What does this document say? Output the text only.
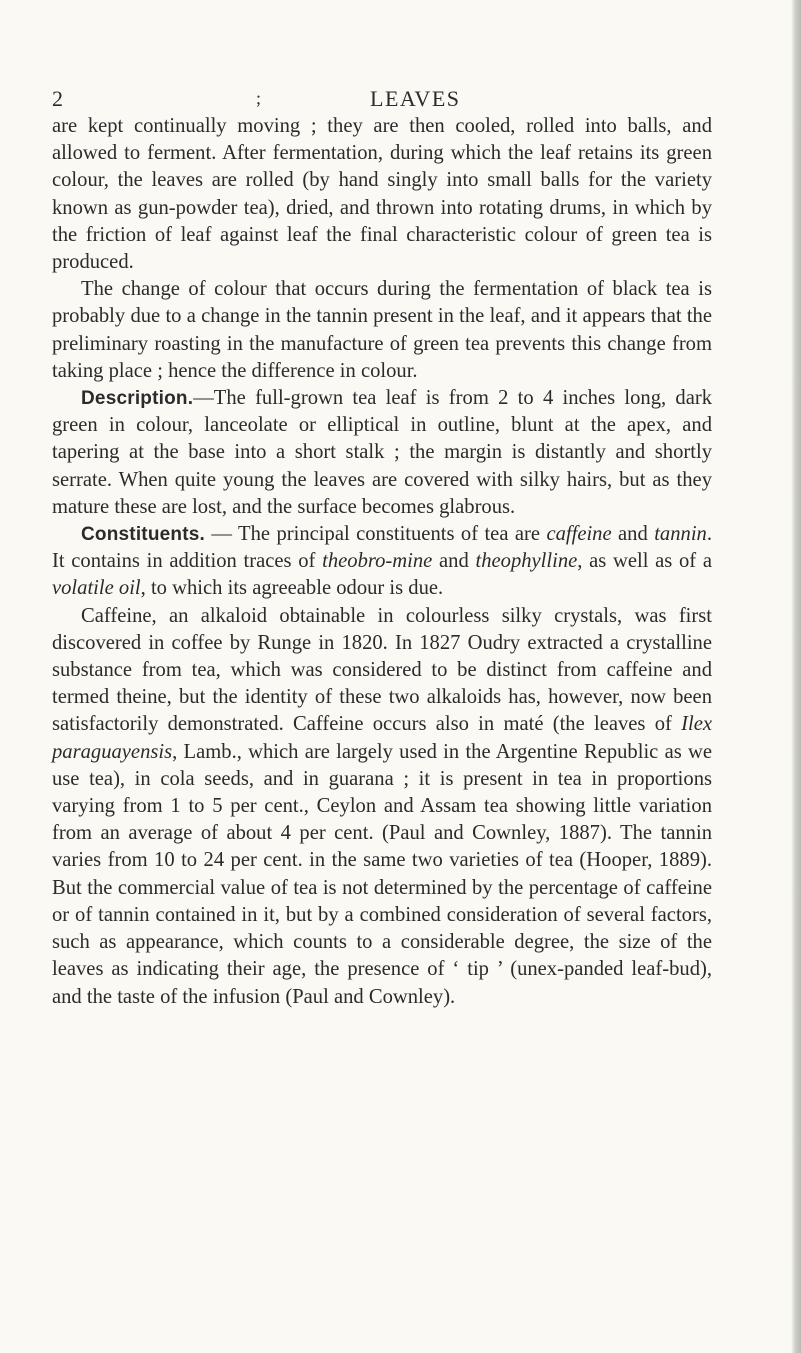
2	;	LEAVES

are kept continually moving ; they are then cooled, rolled into balls, and allowed to ferment. After fermentation, during which the leaf retains its green colour, the leaves are rolled (by hand singly into small balls for the variety known as gun-powder tea), dried, and thrown into rotating drums, in which by the friction of leaf against leaf the final characteristic colour of green tea is produced.

The change of colour that occurs during the fermentation of black tea is probably due to a change in the tannin present in the leaf, and it appears that the preliminary roasting in the manufacture of green tea prevents this change from taking place ; hence the difference in colour.

Description.—The full-grown tea leaf is from 2 to 4 inches long, dark green in colour, lanceolate or elliptical in outline, blunt at the apex, and tapering at the base into a short stalk ; the margin is distantly and shortly serrate. When quite young the leaves are covered with silky hairs, but as they mature these are lost, and the surface becomes glabrous.

Constituents. — The principal constituents of tea are caffeine and tannin. It contains in addition traces of theobro-mine and theophylline, as well as of a volatile oil, to which its agreeable odour is due.

Caffeine, an alkaloid obtainable in colourless silky crystals, was first discovered in coffee by Runge in 1820. In 1827 Oudry extracted a crystalline substance from tea, which was considered to be distinct from caffeine and termed theine, but the identity of these two alkaloids has, however, now been satisfactorily demonstrated. Caffeine occurs also in maté (the leaves of Ilex paraguayensis, Lamb., which are largely used in the Argentine Republic as we use tea), in cola seeds, and in guarana ; it is present in tea in proportions varying from 1 to 5 per cent., Ceylon and Assam tea showing little variation from an average of about 4 per cent. (Paul and Cownley, 1887). The tannin varies from 10 to 24 per cent. in the same two varieties of tea (Hooper, 1889). But the commercial value of tea is not determined by the percentage of caffeine or of tannin contained in it, but by a combined consideration of several factors, such as appearance, which counts to a considerable degree, the size of the leaves as indicating their age, the presence of ‘ tip ’ (unex-panded leaf-bud), and the taste of the infusion (Paul and Cownley).
